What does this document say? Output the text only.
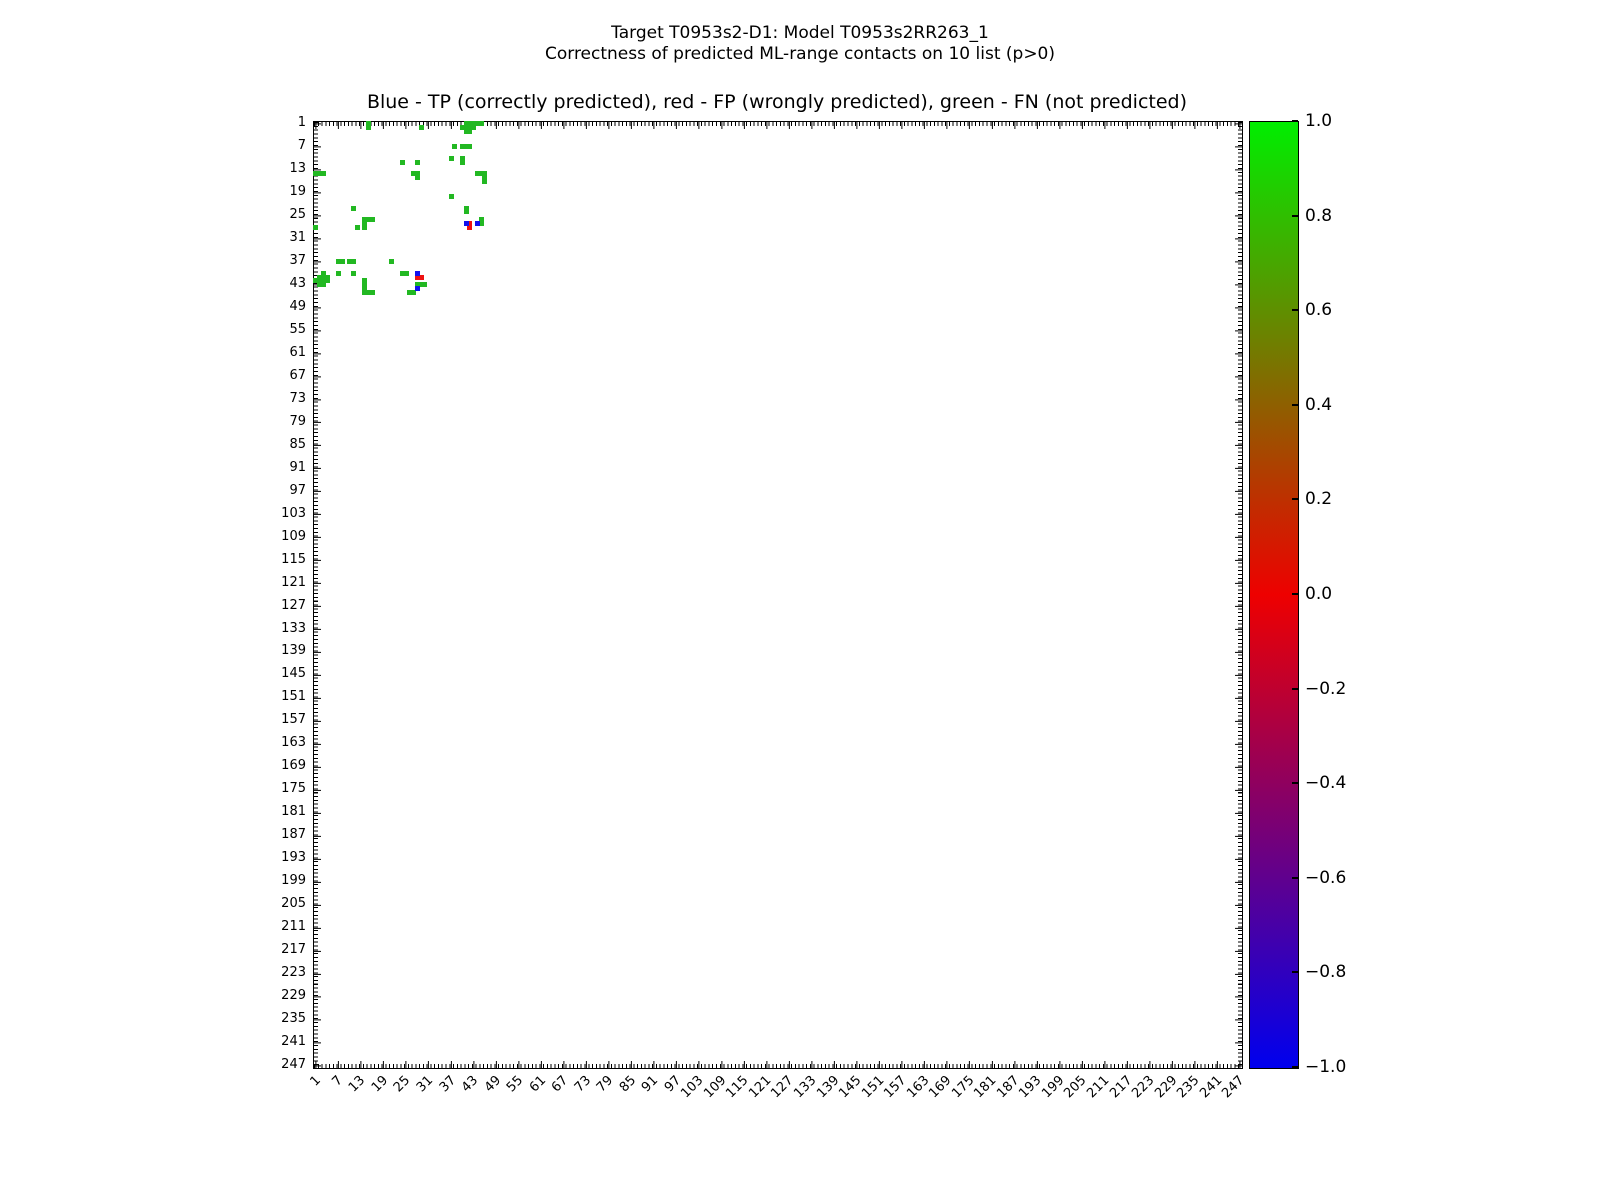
Target T0953s2-D1: Model T0953s2RR263_1
Correctness of predicted ML-range contacts on 10 list (p>0)
Blue - TP (correctly predicted), red - FP (wrongly predicted), green - FN (not predicted)
1
7
13
19
25
31
37
43
49
55
61
67
73
79
85
91
97
103
109
115
121
127
133
139
145
151
157
163
169
175
181
187
193
199
205
211
217
223
229
235
241
247
1 7 13 19 25 31 37 43 49 55 61 67 73 79 85 91 97
103
109
115
121
127
133
139
145
151
157
163
169
175
181
187
193
199
205
211
217
223
229
235
241
247
1.0
0.8
0.6
0.4
0.2
0.0
−0.2
−0.4
−0.6
−0.8
−1.0
